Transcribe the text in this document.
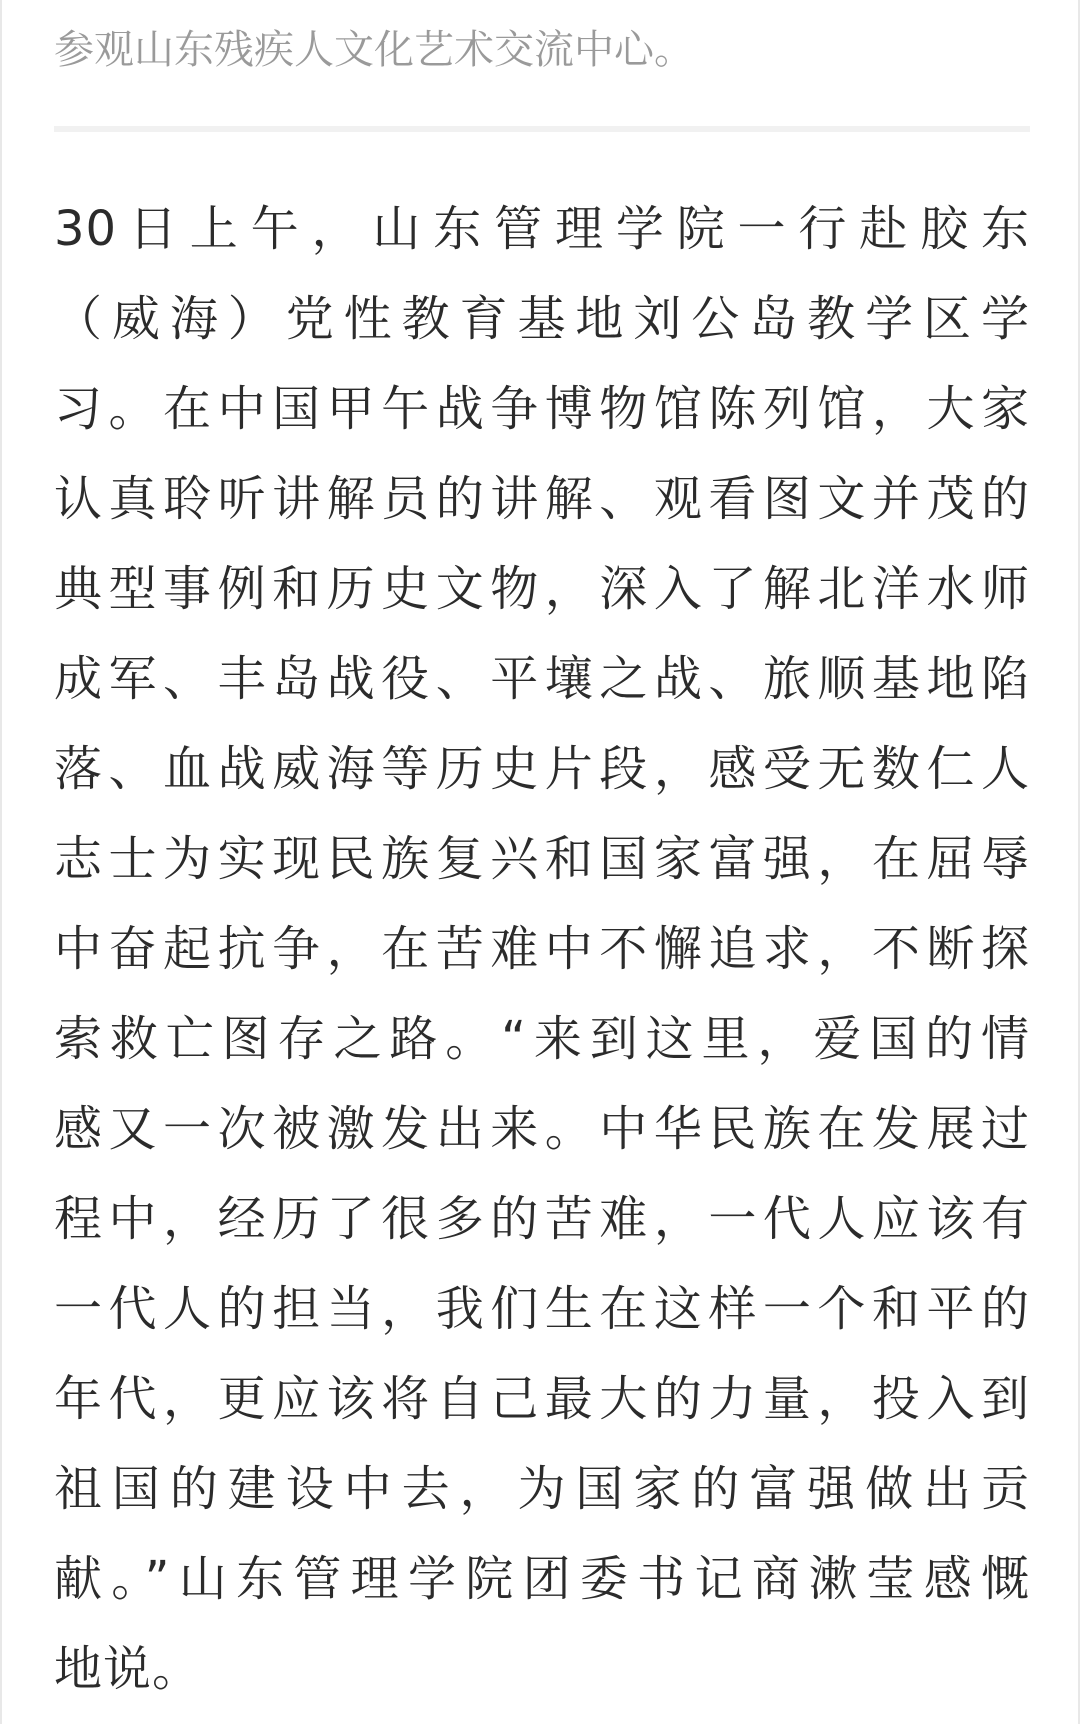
参观山东残疾人文化艺术交流中心。

30日上午，山东管理学院一行赴胶东
（威海）党性教育基地刘公岛教学区学
习。在中国甲午战争博物馆陈列馆，大家
认真聆听讲解员的讲解、观看图文并茂的
典型事例和历史文物，深入了解北洋水师
成军、丰岛战役、平壤之战、旅顺基地陷
落、血战威海等历史片段，感受无数仁人
志士为实现民族复兴和国家富强，在屈辱
中奋起抗争，在苦难中不懈追求，不断探
索救亡图存之路。“来到这里，爱国的情
感又一次被激发出来。中华民族在发展过
程中，经历了很多的苦难，一代人应该有
一代人的担当，我们生在这样一个和平的
年代，更应该将自己最大的力量，投入到
祖国的建设中去，为国家的富强做出贡
献。”山东管理学院团委书记商漱莹感慨
地说。
